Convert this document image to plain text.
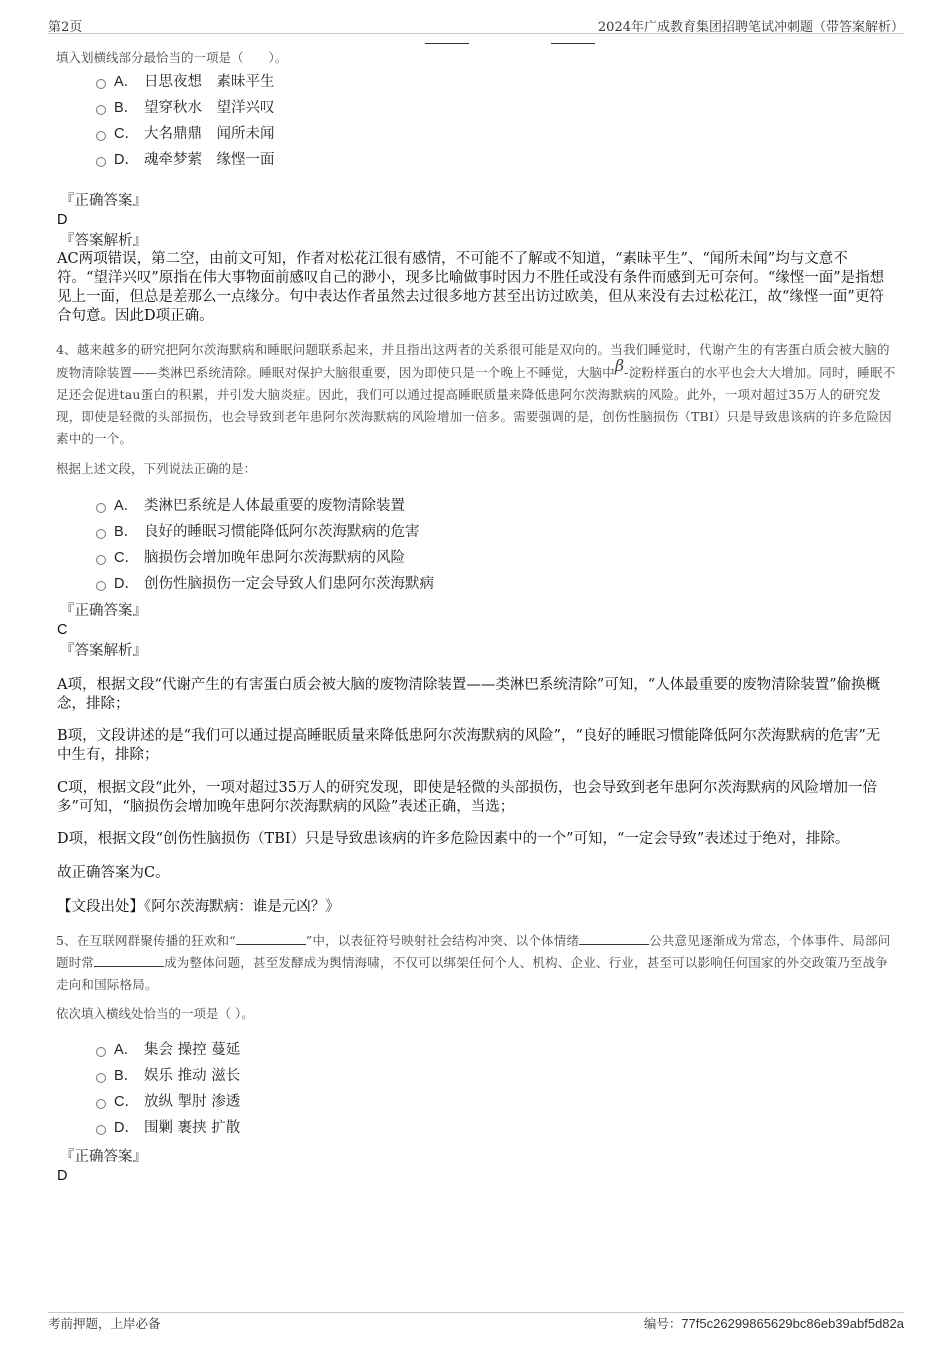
第2页	2024年广成教育集团招聘笔试冲刺题（带答案解析）
填入划横线部分最恰当的一项是（　　）。
A． 日思夜想　素昧平生
B． 望穿秋水　望洋兴叹
C． 大名鼎鼎　闻所未闻
D． 魂牵梦萦　缘悭一面
『正确答案』
D
『答案解析』
AC两项错误，第二空，由前文可知，作者对松花江很有感情，不可能不了解或不知道，“素昧平生”、“闻所未闻”均与文意不符。“望洋兴叹”原指在伟大事物面前感叹自己的渺小，现多比喻做事时因力不胜任或没有条件而感到无可奈何。“缘悭一面”是指想见上一面，但总是差那么一点缘分。句中表达作者虽然去过很多地方甚至出访过欧美，但从来没有去过松花江，故“缘悭一面”更符合句意。因此D项正确。
4、越来越多的研究把阿尔茨海默病和睡眠问题联系起来，并且指出这两者的关系很可能是双向的。当我们睡觉时，代谢产生的有害蛋白质会被大脑的废物清除装置——类淋巴系统清除。睡眠对保护大脑很重要，因为即使只是一个晚上不睡觉，大脑中β-淀粉样蛋白的水平也会大大增加。同时，睡眠不足还会促进tau蛋白的积累，并引发大脑炎症。因此，我们可以通过提高睡眠质量来降低患阿尔茨海默病的风险。此外，一项对超过35万人的研究发现，即使是轻微的头部损伤，也会导致到老年患阿尔茨海默病的风险增加一倍多。需要强调的是，创伤性脑损伤（TBI）只是导致患该病的许多危险因素中的一个。
根据上述文段，下列说法正确的是：
A． 类淋巴系统是人体最重要的废物清除装置
B． 良好的睡眠习惯能降低阿尔茨海默病的危害
C． 脑损伤会增加晚年患阿尔茨海默病的风险
D． 创伤性脑损伤一定会导致人们患阿尔茨海默病
『正确答案』
C
『答案解析』
A项，根据文段“代谢产生的有害蛋白质会被大脑的废物清除装置——类淋巴系统清除”可知，“人体最重要的废物清除装置”偷换概念，排除；
B项，文段讲述的是“我们可以通过提高睡眠质量来降低患阿尔茨海默病的风险”，“良好的睡眠习惯能降低阿尔茨海默病的危害”无中生有，排除；
C项，根据文段“此外，一项对超过35万人的研究发现，即使是轻微的头部损伤，也会导致到老年患阿尔茨海默病的风险增加一倍多”可知，“脑损伤会增加晚年患阿尔茨海默病的风险”表述正确，当选；
D项，根据文段“创伤性脑损伤（TBI）只是导致患该病的许多危险因素中的一个”可知，“一定会导致”表述过于绝对，排除。
故正确答案为C。
【文段出处】《阿尔茨海默病：谁是元凶？》
5、在互联网群聚传播的狂欢和“	”中，以表征符号映射社会结构冲突、以个体情绪	公共意见逐渐成为常态，个体事件、局部问题时常	成为整体问题，甚至发酵成为舆情海啸，不仅可以绑架任何个人、机构、企业、行业，甚至可以影响任何国家的外交政策乃至战争走向和国际格局。
依次填入横线处恰当的一项是（ ）。
A． 集会 操控 蔓延
B． 娱乐 推动 滋长
C． 放纵 掣肘 渗透
D． 围剿 裹挟 扩散
『正确答案』
D
考前押题，上岸必备	编号：77f5c26299865629bc86eb39abf5d82a
